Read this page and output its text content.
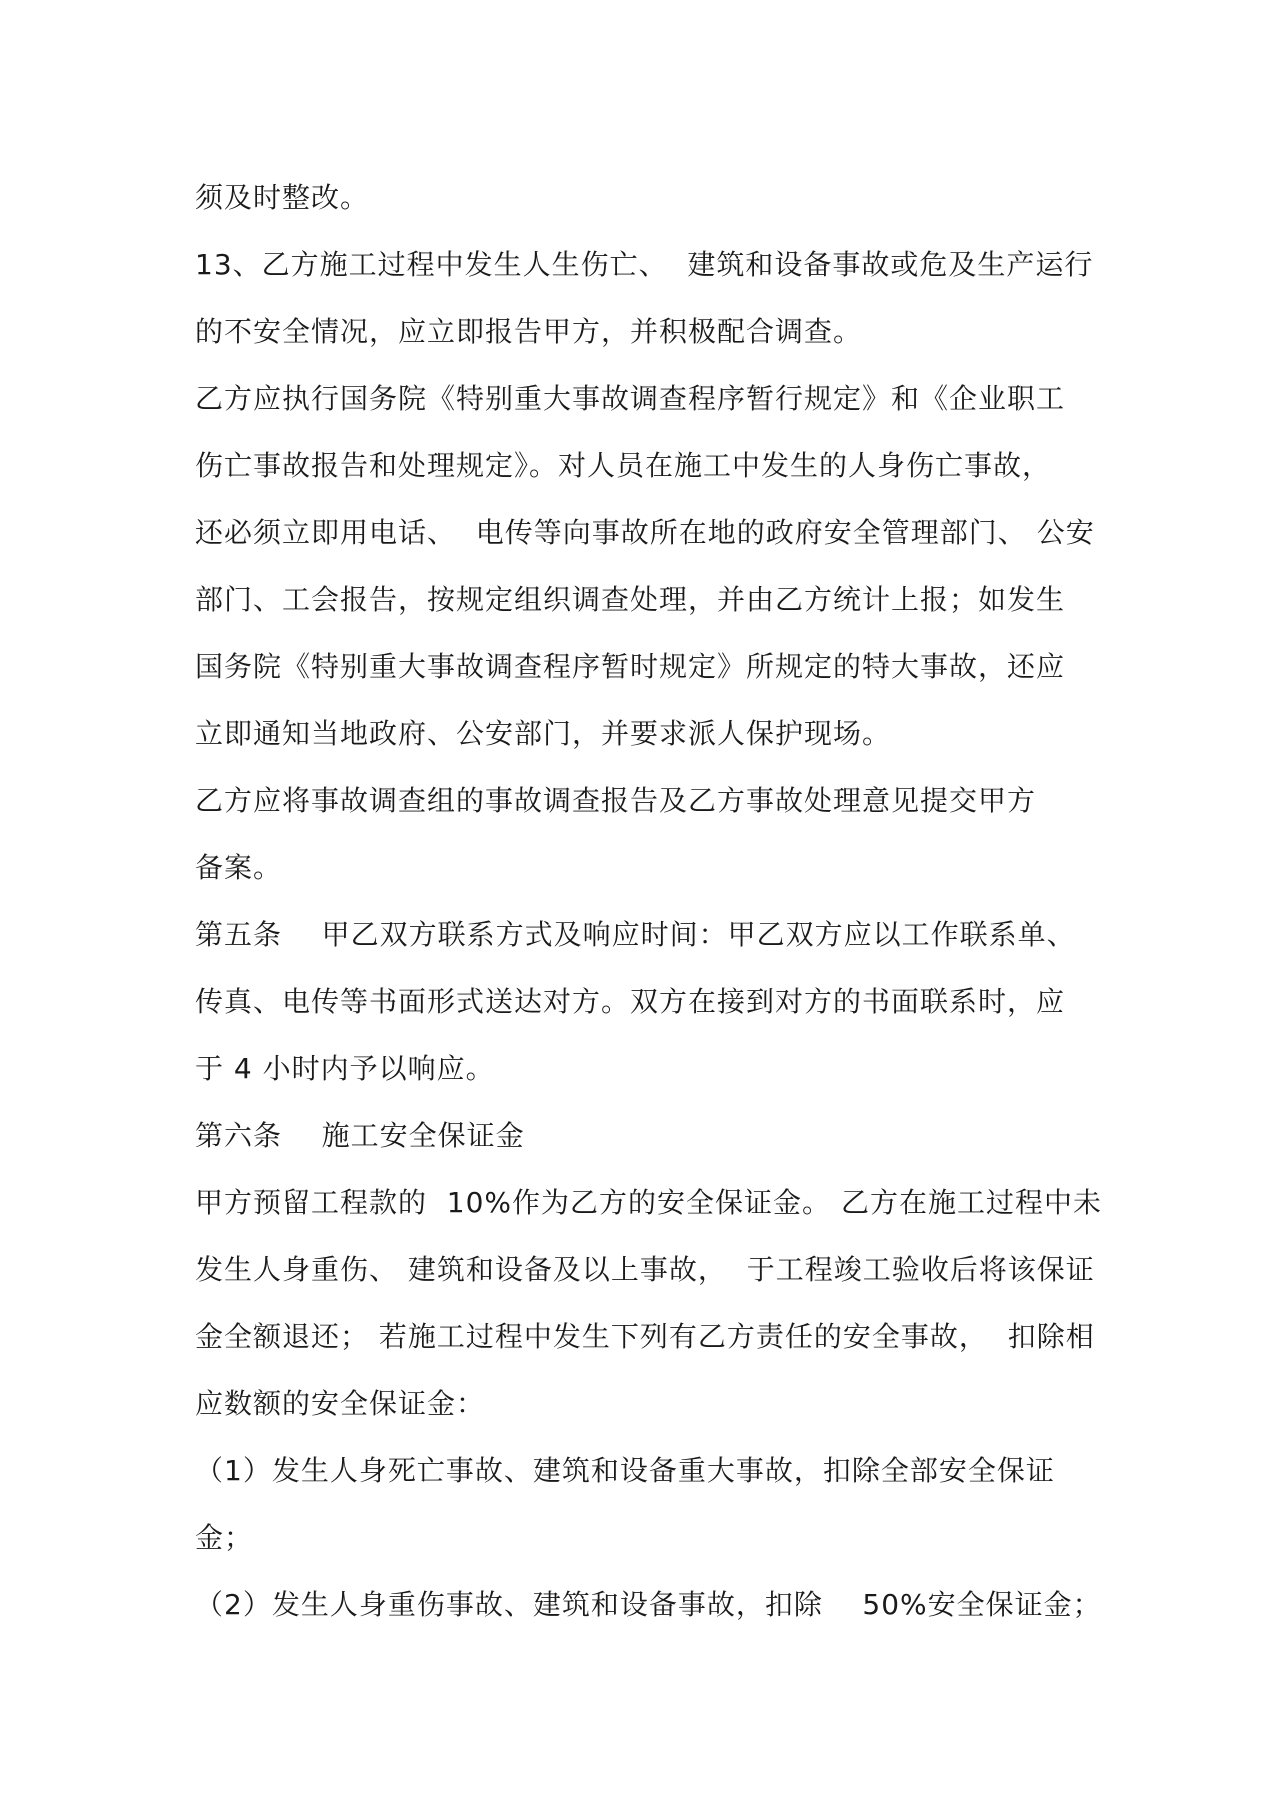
须及时整改。

13、乙方施工过程中发生人生伤亡、  建筑和设备事故或危及生产运行

的不安全情况，应立即报告甲方，并积极配合调查。

乙方应执行国务院《特别重大事故调查程序暂行规定》和《企业职工

伤亡事故报告和处理规定》。对人员在施工中发生的人身伤亡事故，

还必须立即用电话、  电传等向事故所在地的政府安全管理部门、 公安

部门、工会报告，按规定组织调查处理，并由乙方统计上报；如发生

国务院《特别重大事故调查程序暂时规定》所规定的特大事故，还应

立即通知当地政府、公安部门，并要求派人保护现场。

乙方应将事故调查组的事故调查报告及乙方事故处理意见提交甲方

备案。

第五条    甲乙双方联系方式及响应时间：甲乙双方应以工作联系单、

传真、电传等书面形式送达对方。双方在接到对方的书面联系时，应

于 4 小时内予以响应。

第六条    施工安全保证金

甲方预留工程款的  10%作为乙方的安全保证金。 乙方在施工过程中未

发生人身重伤、 建筑和设备及以上事故，  于工程竣工验收后将该保证

金全额退还； 若施工过程中发生下列有乙方责任的安全事故，  扣除相

应数额的安全保证金：

（1）发生人身死亡事故、建筑和设备重大事故，扣除全部安全保证

金；

（2）发生人身重伤事故、建筑和设备事故，扣除    50%安全保证金；
